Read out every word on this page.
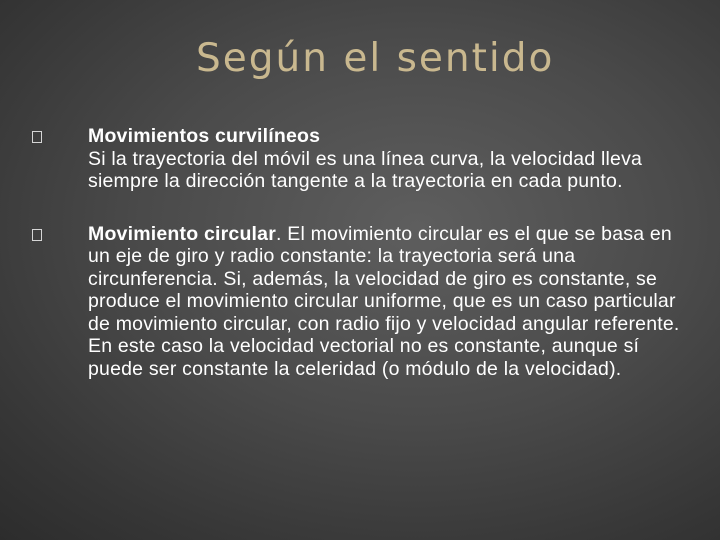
Según el sentido
Movimientos curvilíneos
Si la trayectoria del móvil es una línea curva, la velocidad lleva siempre la dirección tangente a la trayectoria en cada punto.
Movimiento circular. El movimiento circular es el que se basa en un eje de giro y radio constante: la trayectoria será una circunferencia. Si, además, la velocidad de giro es constante, se produce el movimiento circular uniforme, que es un caso particular de movimiento circular, con radio fijo y velocidad angular referente. En este caso la velocidad vectorial no es constante, aunque sí puede ser constante la celeridad (o módulo de la velocidad).
